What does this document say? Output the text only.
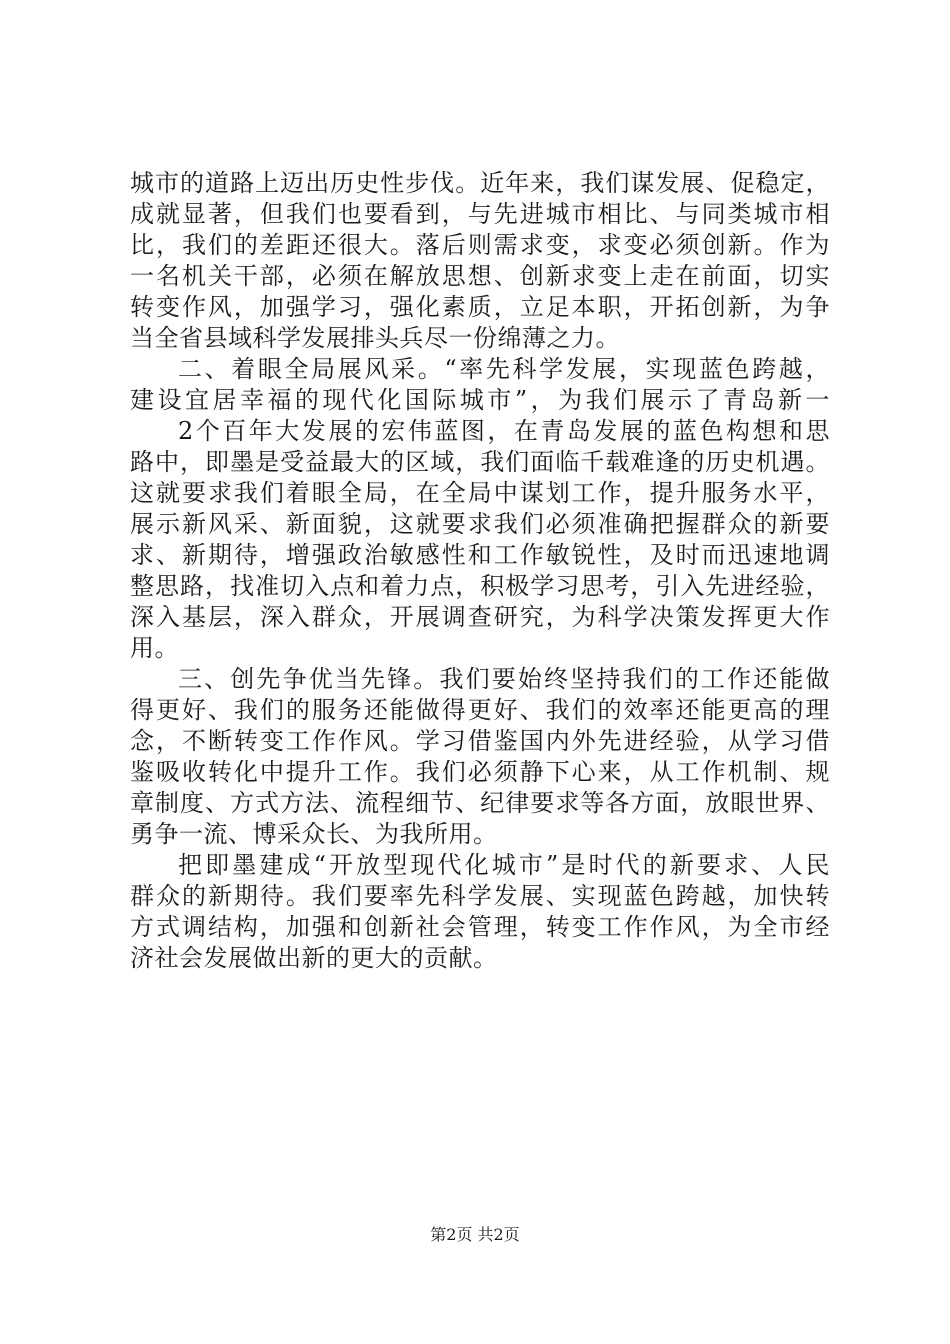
城市的道路上迈出历史性步伐。近年来，我们谋发展、促稳定，
成就显著，但我们也要看到，与先进城市相比、与同类城市相
比，我们的差距还很大。落后则需求变，求变必须创新。作为
一名机关干部，必须在解放思想、创新求变上走在前面，切实
转变作风，加强学习，强化素质，立足本职，开拓创新，为争
当全省县域科学发展排头兵尽一份绵薄之力。
二、着眼全局展风采。“率先科学发展，实现蓝色跨越，
建设宜居幸福的现代化国际城市”，为我们展示了青岛新一
2个百年大发展的宏伟蓝图，在青岛发展的蓝色构想和思
路中，即墨是受益最大的区域，我们面临千载难逢的历史机遇。
这就要求我们着眼全局，在全局中谋划工作，提升服务水平，
展示新风采、新面貌，这就要求我们必须准确把握群众的新要
求、新期待，增强政治敏感性和工作敏锐性，及时而迅速地调
整思路，找准切入点和着力点，积极学习思考，引入先进经验，
深入基层，深入群众，开展调查研究，为科学决策发挥更大作
用。
三、创先争优当先锋。我们要始终坚持我们的工作还能做
得更好、我们的服务还能做得更好、我们的效率还能更高的理
念，不断转变工作作风。学习借鉴国内外先进经验，从学习借
鉴吸收转化中提升工作。我们必须静下心来，从工作机制、规
章制度、方式方法、流程细节、纪律要求等各方面，放眼世界、
勇争一流、博采众长、为我所用。
把即墨建成“开放型现代化城市”是时代的新要求、人民
群众的新期待。我们要率先科学发展、实现蓝色跨越，加快转
方式调结构，加强和创新社会管理，转变工作作风，为全市经
济社会发展做出新的更大的贡献。
第2页 共2页
